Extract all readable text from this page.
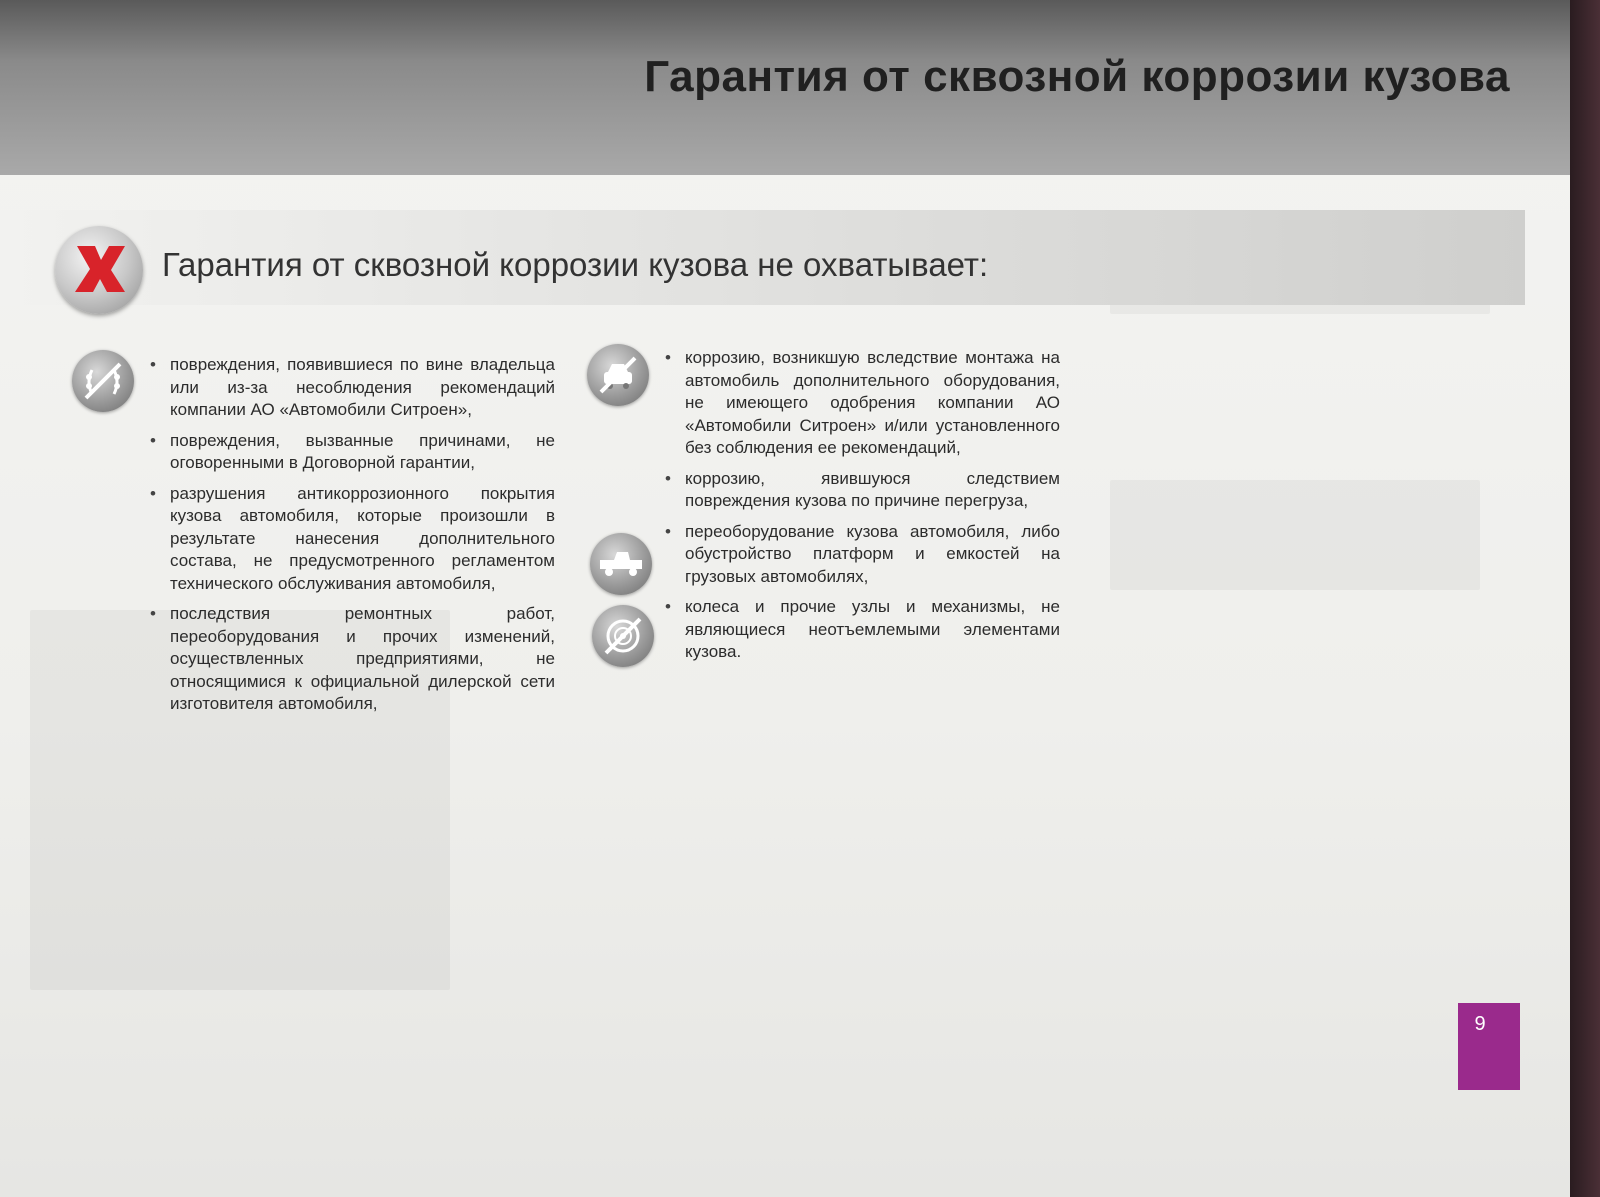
Гарантия от сквозной коррозии кузова
Гарантия от сквозной коррозии кузова не охватывает:
• повреждения, появившиеся по вине владельца или из-за несоблюдения рекомендаций компании АО «Автомобили Ситроен»,
• повреждения, вызванные причинами, не оговоренными в Договорной гарантии,
• разрушения антикоррозионного покрытия кузова автомобиля, которые произошли в результате нанесения дополнительного состава, не предусмотренного регламентом технического обслуживания автомобиля,
• последствия ремонтных работ, переоборудования и прочих изменений, осуществленных предприятиями, не относящимися к официальной дилерской сети изготовителя автомобиля,
• коррозию, возникшую вследствие монтажа на автомобиль дополнительного оборудования, не имеющего одобрения компании АО «Автомобили Ситроен» и/или установленного без соблюдения ее рекомендаций,
• коррозию, явившуюся следствием повреждения кузова по причине перегруза,
• переоборудование кузова автомобиля, либо обустройство платформ и емкостей на грузовых автомобилях,
• колеса и прочие узлы и механизмы, не являющиеся неотъемлемыми элементами кузова.
9
